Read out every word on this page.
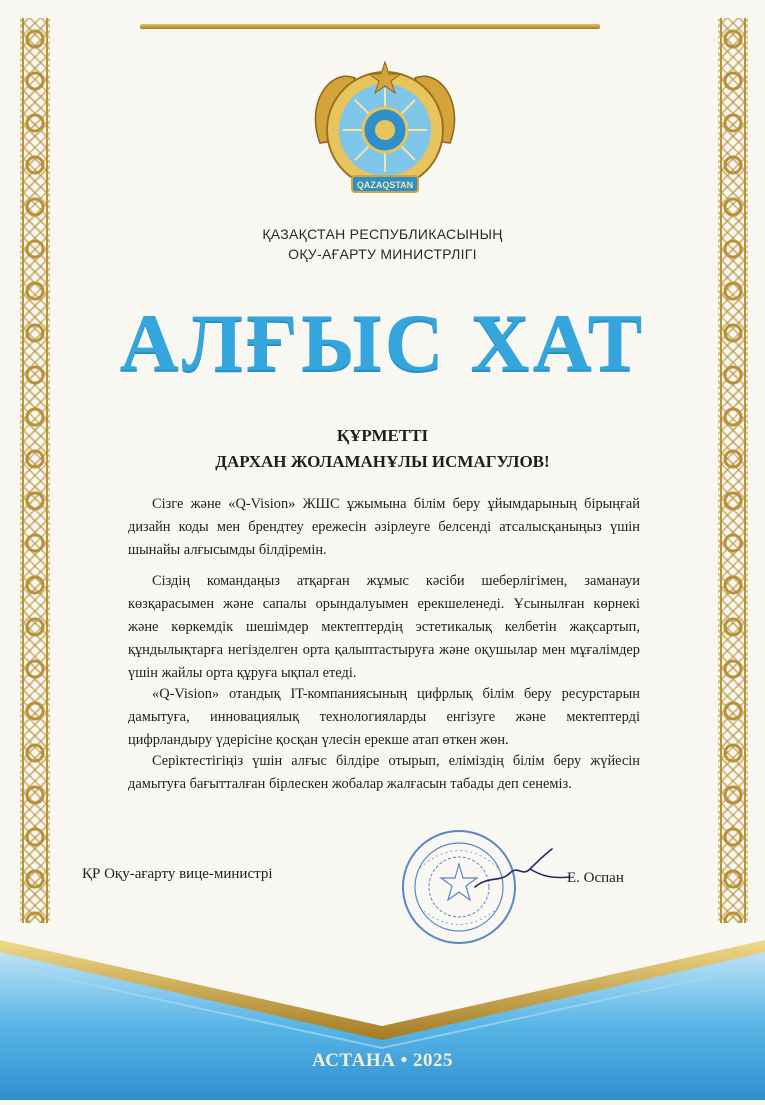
QAZAQSTAN
ҚАЗАҚСТАН РЕСПУБЛИКАСЫНЫҢ
ОҚУ-АҒАРТУ МИНИСТРЛІГІ
АЛҒЫС ХАТ
ҚҰРМЕТТІ
ДАРХАН ЖОЛАМАНҰЛЫ ИСМАГУЛОВ!
Сізге және «Q-Vision» ЖШС ұжымына білім беру ұйымдарының бірыңғай дизайн коды мен брендтеу ережесін әзірлеуге белсенді атсалысқаныңыз үшін шынайы алғысымды білдіремін.
Сіздің командаңыз атқарған жұмыс кәсіби шеберлігімен, заманауи көзқарасымен және сапалы орындалуымен ерекшеленеді. Ұсынылған көрнекі және көркемдік шешімдер мектептердің эстетикалық келбетін жақсартып, құндылықтарға негізделген орта қалыптастыруға және оқушылар мен мұғалімдер үшін жайлы орта құруға ықпал етеді.
«Q-Vision» отандық IT-компаниясының цифрлық білім беру ресурстарын дамытуға, инновациялық технологияларды енгізуге және мектептерді цифрландыру үдерісіне қосқан үлесін ерекше атап өткен жөн.
Серіктестігіңіз үшін алғыс білдіре отырып, еліміздің білім беру жүйесін дамытуға бағытталған бірлескен жобалар жалғасын табады деп сенеміз.
ҚР Оқу-ағарту вице-министрі	Е. Оспан
АСТАНА • 2025
